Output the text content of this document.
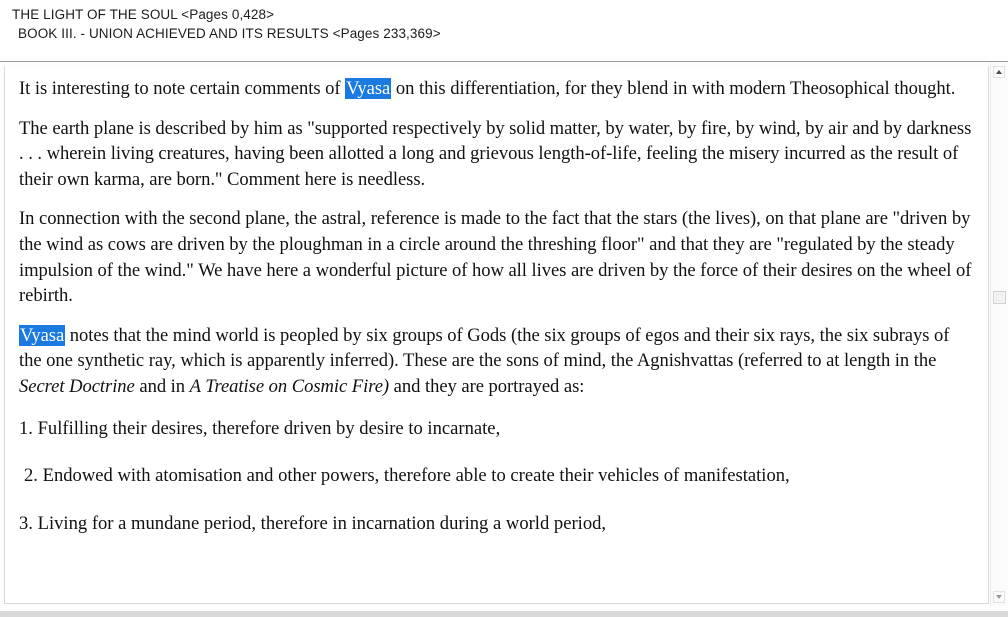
THE LIGHT OF THE SOUL <Pages 0,428>
BOOK III. - UNION ACHIEVED AND ITS RESULTS <Pages 233,369>

It is interesting to note certain comments of Vyasa on this differentiation, for they blend in with modern Theosophical thought.

The earth plane is described by him as "supported respectively by solid matter, by water, by fire, by wind, by air and by darkness . . . wherein living creatures, having been allotted a long and grievous length-of-life, feeling the misery incurred as the result of their own karma, are born." Comment here is needless.

In connection with the second plane, the astral, reference is made to the fact that the stars (the lives), on that plane are "driven by the wind as cows are driven by the ploughman in a circle around the threshing floor" and that they are "regulated by the steady impulsion of the wind." We have here a wonderful picture of how all lives are driven by the force of their desires on the wheel of rebirth.

Vyasa notes that the mind world is peopled by six groups of Gods (the six groups of egos and their six rays, the six subrays of the one synthetic ray, which is apparently inferred). These are the sons of mind, the Agnishvattas (referred to at length in the Secret Doctrine and in A Treatise on Cosmic Fire) and they are portrayed as:

1. Fulfilling their desires, therefore driven by desire to incarnate,
2. Endowed with atomisation and other powers, therefore able to create their vehicles of manifestation,
3. Living for a mundane period, therefore in incarnation during a world period,
